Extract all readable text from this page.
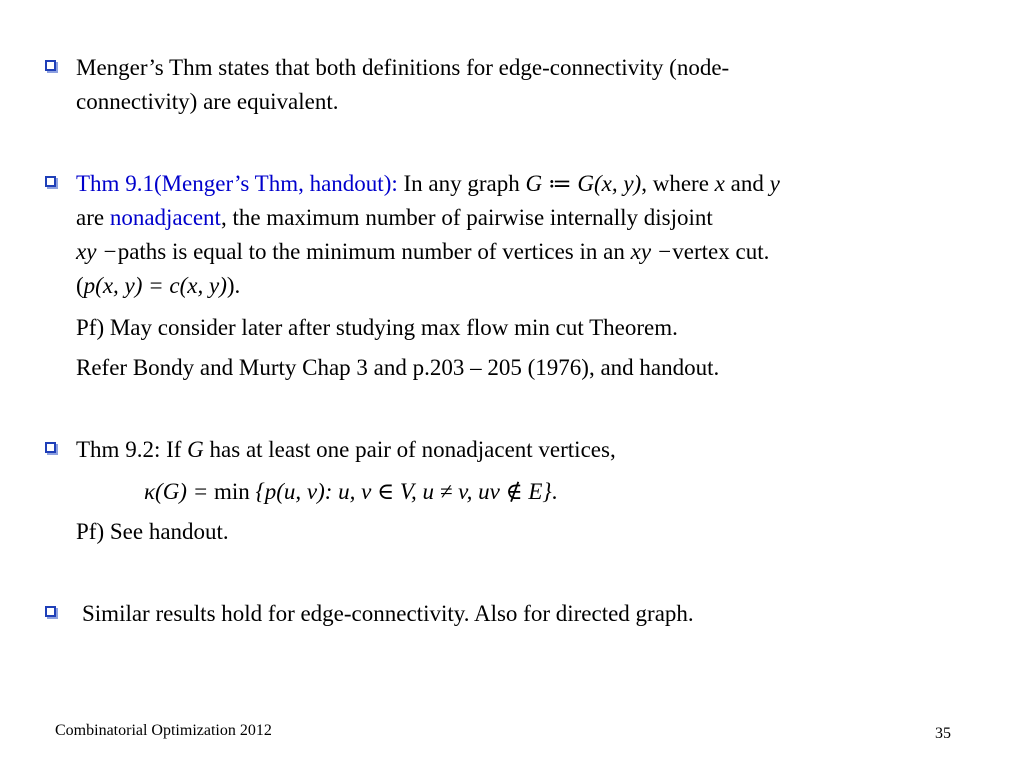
Menger’s Thm states that both definitions for edge-connectivity (node-
connectivity) are equivalent.
Thm 9.1(Menger’s Thm, handout): In any graph G ≔ G(x, y), where x and y
are nonadjacent, the maximum number of pairwise internally disjoint
xy −paths is equal to the minimum number of vertices in an xy −vertex cut.
(p(x, y) = c(x, y)).
Pf) May consider later after studying max flow min cut Theorem.
Refer Bondy and Murty Chap 3 and p.203 – 205 (1976), and handout.
Thm 9.2: If G has at least one pair of nonadjacent vertices,
κ(G) = min {p(u, v): u, v ∈ V, u ≠ v, uv ∉ E}.
Pf) See handout.
Similar results hold for edge-connectivity. Also for directed graph.
Combinatorial Optimization 2012	35
